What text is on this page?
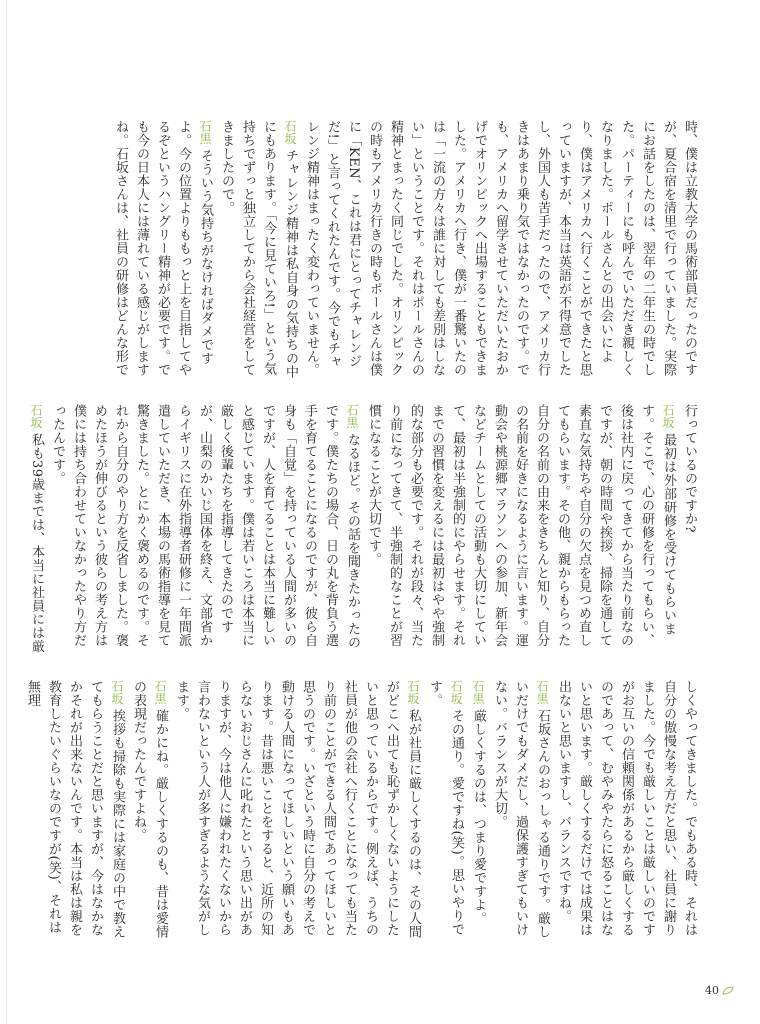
時、僕は立教大学の馬術部員だったのですが、夏合宿を清里で行っていました。実際にお話をしたのは、翌年の二年生の時でした。パーティーにも呼んでいただき親しくなりました。ポールさんとの出会いにより、僕はアメリカへ行くことができたと思っていますが、本当は英語が不得意でしたし、外国人も苦手だったので、アメリカ行きはあまり乗り気ではなかったのです。でも、アメリカへ留学させていただいたおかげでオリンピックへ出場することもできました。アメリカへ行き、僕が一番驚いたのは「一流の方々は誰に対しても差別はしない」ということです。それはポールさんの精神とまったく同じでした。オリンピックの時もアメリカ行きの時もポールさんは僕に「KEN、これは君にとってチャレンジだ!」と言ってくれたんです。今でもチャレンジ精神はまったく変わっていません。

石坂チャレンジ精神は私自身の気持ちの中にもあります。「今に見ていろ!」という気持ちでずっと独立してから会社経営をしてきましたので。

石黒そういう気持ちがなければダメですよ。今の位置よりももっと上を目指してやるぞというハングリー精神が必要です。でも今の日本人には薄れている感じがしますね。石坂さんは、社員の研修はどんな形で

行っているのですか?

石坂最初は外部研修を受けてもらいます。そこで、心の研修を行ってもらい、後は社内に戻ってきてから当たり前なのですが、朝の時間や挨拶、掃除を通して素直な気持ちや自分の欠点を見つめ直してもらいます。その他、親からもらった自分の名前の由来をきちんと知り、自分の名前を好きになるように言います。運動会や桃源郷マラソンへの参加、新年会などチームとしての活動も大切にしていて、最初は半強制的にやらせます。それまでの習慣を変えるには最初はやや強制的な部分も必要です。それが段々、当たり前になってきて、半強制的なことが習慣になることが大切です。

石黒なるほど。その話を聞きたかったのです。僕たちの場合、日の丸を背負う選手を育てることになるのですが、彼ら自身も「自覚」を持っている人間が多いのですが、人を育てることは本当に難しいと感じています。僕は若いころは本当に厳しく後輩たちを指導してきたのですが、山梨のかいじ国体を終え、文部省からイギリスに在外指導者研修に一年間派遣していただき、本場の馬術指導を見て驚きました。とにかく褒めるのです。それから自分のやり方を反省しました。褒めたほうが伸びるという彼らの考え方は僕には持ち合わせていなかったやり方だったんです。

石坂私も39歳までは、本当に社員には厳

しくやってきました。でもある時、それは自分の傲慢な考え方だと思い、社員に謝りました。今でも厳しいことは厳しいのですがお互いの信頼関係があるから厳しくするのであって、むやみやたらに怒ることはないと思います。厳しくするだけでは成果は出ないと思いますし、バランスですね。

石黒石坂さんのおっしゃる通りです。厳しいだけでもダメだし、過保護すぎてもいけない。バランスが大切。

石黒厳しくするのは、つまり愛ですよ。

石坂その通り。愛ですね(笑)。思いやりです。

石坂私が社員に厳しくするのは、その人間がどこへ出ても恥ずかしくないようにしたいと思っているからです。例えば、うちの社員が他の会社へ行くことになっても当たり前のことができる人間であってほしいと思うのです。いざという時に自分の考えで動ける人間になってほしいという願いもあります。昔は悪いことをすると、近所の知らないおじさんに叱れたという思い出がありますが、今は他人に嫌われたくないから言わないという人が多すぎるような気がします。

石黒確かにね。厳しくするのも、昔は愛情の表現だったんですよね。

石坂挨拶も掃除も実際には家庭の中で教えてもらうことだと思いますが、今はなかなかそれが出来ないんです。本当は私は親を教育したいぐらいなのですが(笑)、それは無理

40
